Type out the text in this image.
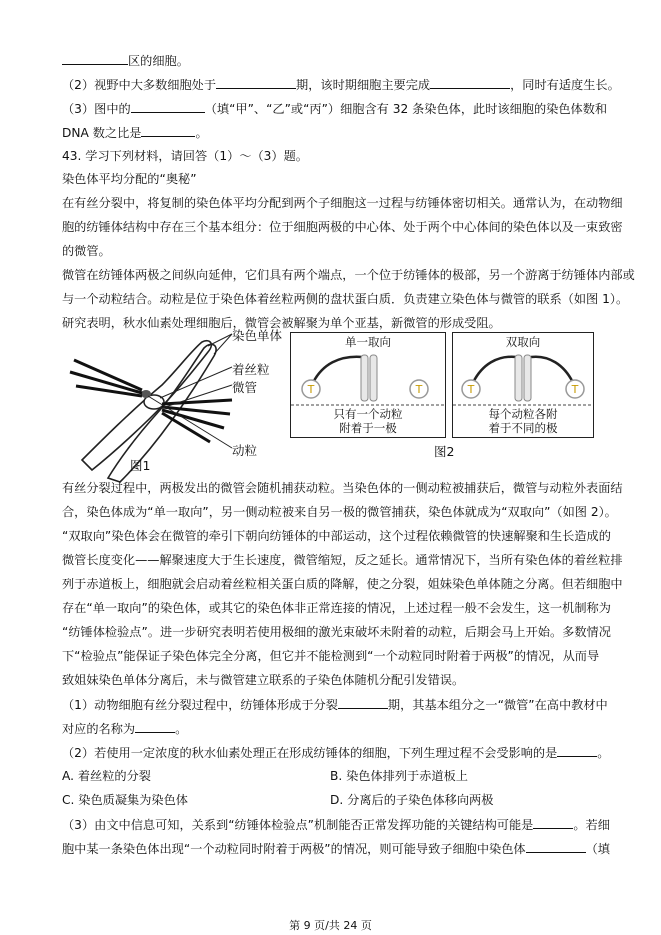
区的细胞。
（2）视野中大多数细胞处于	期，该时期细胞主要完成	，同时有适度生长。
（3）图中的	（填“甲”、“乙”或“丙”）细胞含有 32 条染色体，此时该细胞的染色体数和
DNA 数之比是	。
43. 学习下列材料，请回答（1）～（3）题。
染色体平均分配的“奥秘”
在有丝分裂中，将复制的染色体平均分配到两个子细胞这一过程与纺锤体密切相关。通常认为，在动物细
胞的纺锤体结构中存在三个基本组分：位于细胞两极的中心体、处于两个中心体间的染色体以及一束致密
的微管。
微管在纺锤体两极之间纵向延伸，它们具有两个端点，一个位于纺锤体的极部，另一个游离于纺锤体内部或
与一个动粒结合。动粒是位于染色体着丝粒两侧的盘状蛋白质．负责建立染色体与微管的联系（如图 1）。
研究表明，秋水仙素处理细胞后，微管会被解聚为单个亚基，新微管的形成受阻。
染色单体
着丝粒
微管
动粒
图1
T	T
单一取向
只有一个动粒
附着于一极
T	T
双取向
每个动粒各附
着于不同的极
图2
有丝分裂过程中，两极发出的微管会随机捕获动粒。当染色体的一侧动粒被捕获后，微管与动粒外表面结
合，染色体成为“单一取向”，另一侧动粒被来自另一极的微管捕获，染色体就成为“双取向”（如图 2）。
“双取向”染色体会在微管的牵引下朝向纺锤体的中部运动，这个过程依赖微管的快速解聚和生长造成的
微管长度变化——解聚速度大于生长速度，微管缩短，反之延长。通常情况下，当所有染色体的着丝粒排
列于赤道板上，细胞就会启动着丝粒相关蛋白质的降解，使之分裂，姐妹染色单体随之分离。但若细胞中
存在“单一取向”的染色体，或其它的染色体非正常连接的情况，上述过程一般不会发生，这一机制称为
“纺锤体检验点”。进一步研究表明若使用极细的激光束破坏未附着的动粒，后期会马上开始。多数情况
下“检验点”能保证子染色体完全分离，但它并不能检测到“一个动粒同时附着于两极”的情况，从而导
致姐妹染色单体分离后，未与微管建立联系的子染色体随机分配引发错误。
（1）动物细胞有丝分裂过程中，纺锤体形成于分裂	期，其基本组分之一“微管”在高中教材中
对应的名称为	。
（2）若使用一定浓度的秋水仙素处理正在形成纺锤体的细胞，下列生理过程不会受影响的是	。
A. 着丝粒的分裂	B. 染色体排列于赤道板上
C. 染色质凝集为染色体	D. 分离后的子染色体移向两极
（3）由文中信息可知，关系到“纺锤体检验点”机制能否正常发挥功能的关键结构可能是	。若细
胞中某一条染色体出现“一个动粒同时附着于两极”的情况，则可能导致子细胞中染色体	（填
第 9 页/共 24 页
